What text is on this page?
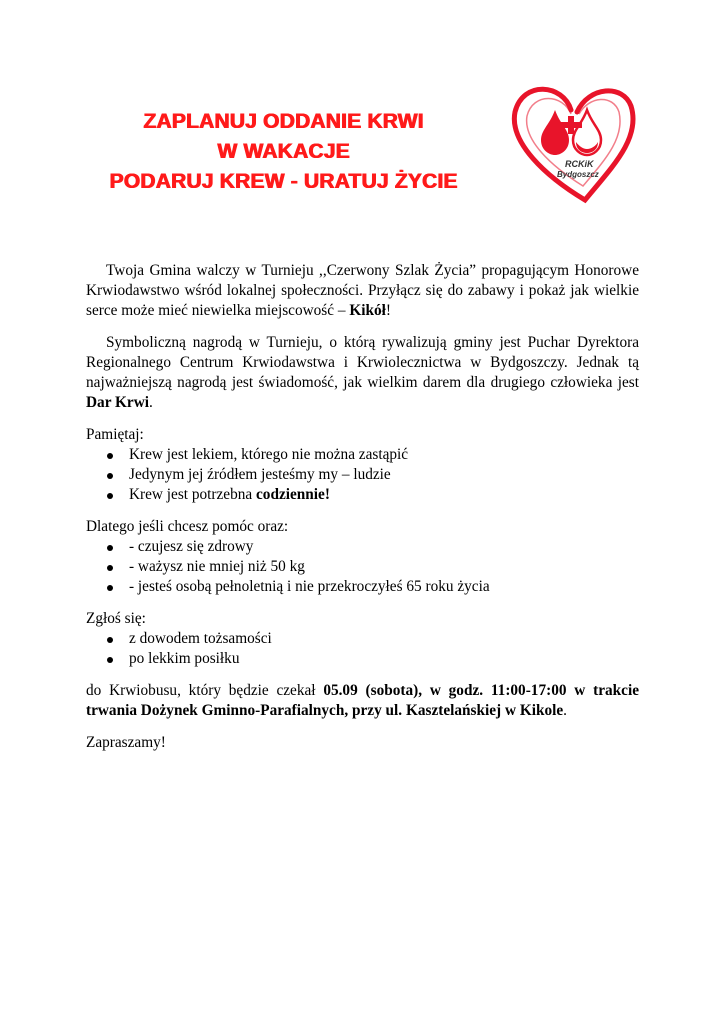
ZAPLANUJ ODDANIE KRWI
W WAKACJE
PODARUJ KREW - URATUJ ŻYCIE
RCKiK
Bydgoszcz

Twoja Gmina walczy w Turnieju ,,Czerwony Szlak Życia” propagującym Honorowe Krwiodawstwo wśród lokalnej społeczności. Przyłącz się do zabawy i pokaż jak wielkie serce może mieć niewielka miejscowość – Kikół!

Symboliczną nagrodą w Turnieju, o którą rywalizują gminy jest Puchar Dyrektora Regionalnego Centrum Krwiodawstwa i Krwiolecznictwa w Bydgoszczy. Jednak tą najważniejszą nagrodą jest świadomość, jak wielkim darem dla drugiego człowieka jest Dar Krwi.

Pamiętaj:

Krew jest lekiem, którego nie można zastąpić
Jedynym jej źródłem jesteśmy my – ludzie
Krew jest potrzebna codziennie!

Dlatego jeśli chcesz pomóc oraz:

- czujesz się zdrowy
- ważysz nie mniej niż 50 kg
- jesteś osobą pełnoletnią i nie przekroczyłeś 65 roku życia

Zgłoś się:

z dowodem tożsamości
po lekkim posiłku

do Krwiobusu, który będzie czekał 05.09 (sobota), w godz. 11:00-17:00 w trakcie trwania Dożynek Gminno-Parafialnych, przy ul. Kasztelańskiej w Kikole.

Zapraszamy!
